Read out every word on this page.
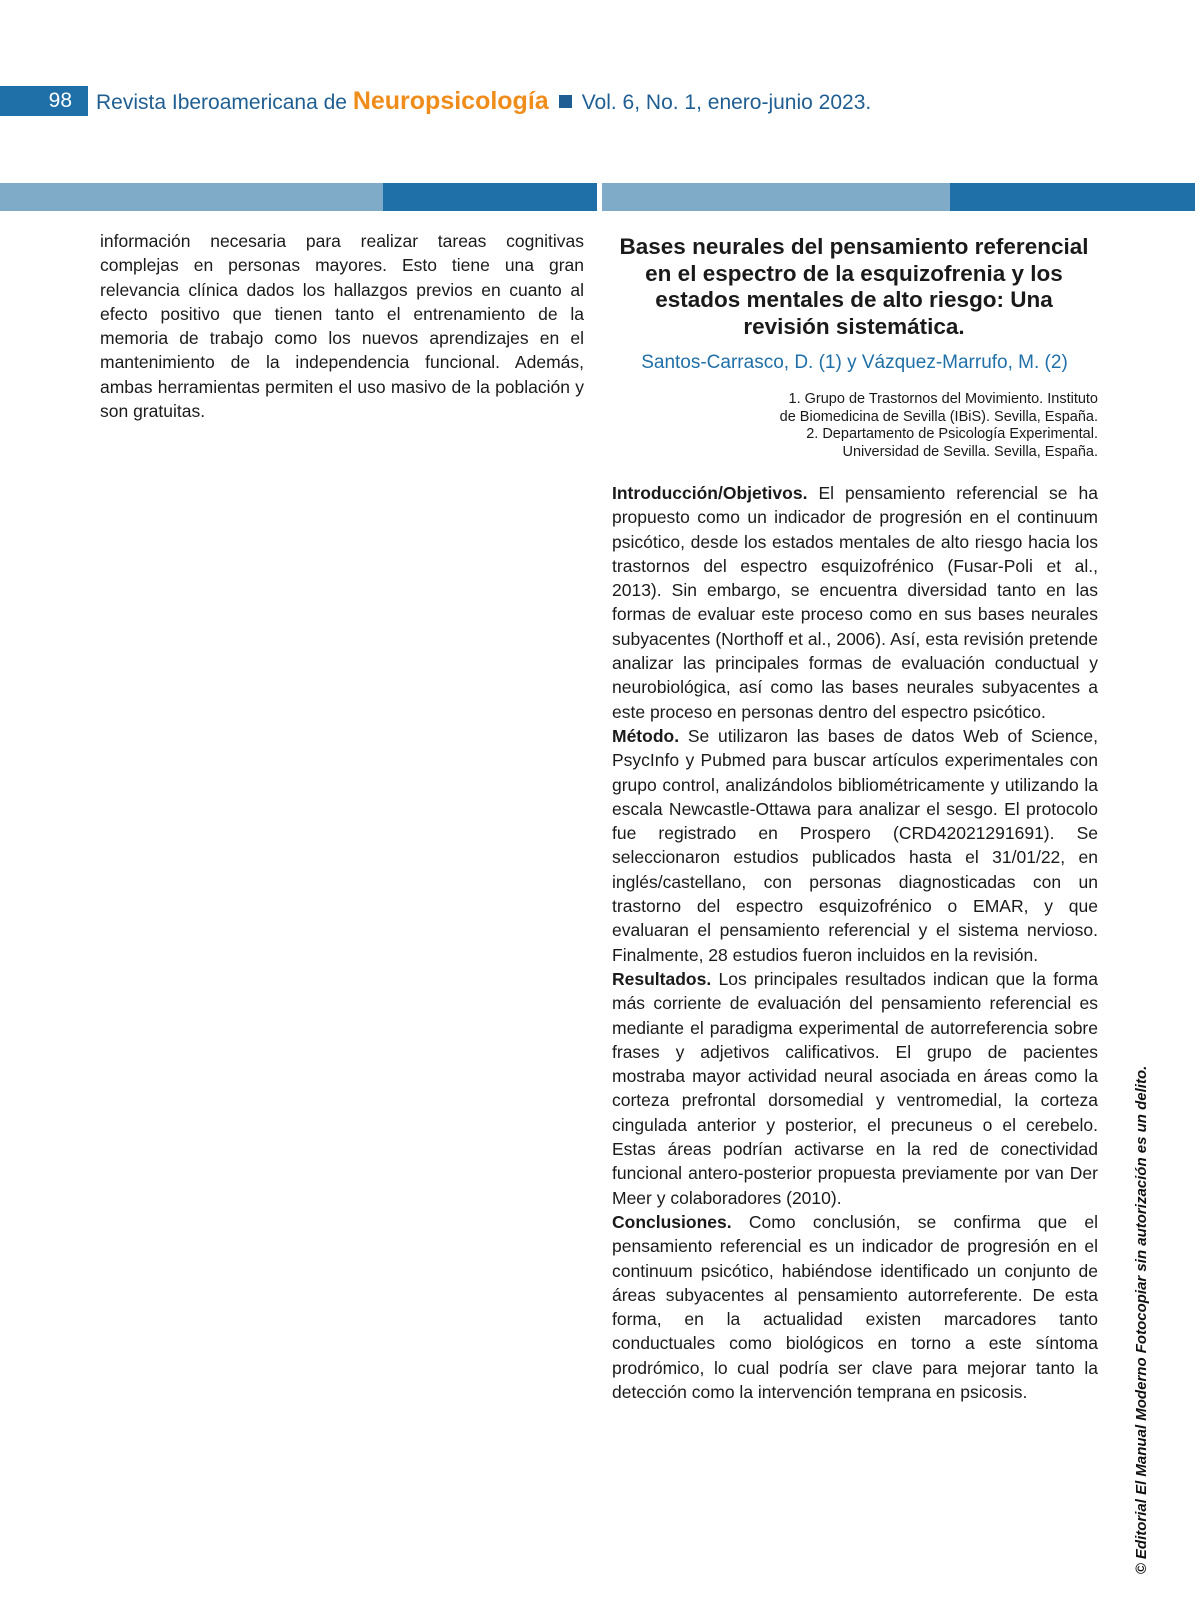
98	Revista Iberoamericana de Neuropsicología Vol. 6, No. 1, enero-junio 2023.

información necesaria para realizar tareas cognitivas complejas en personas mayores. Esto tiene una gran relevancia clínica dados los hallazgos previos en cuanto al efecto positivo que tienen tanto el entrenamiento de la memoria de trabajo como los nuevos aprendizajes en el mantenimiento de la independencia funcional. Además, ambas herramientas permiten el uso masivo de la población y son gratuitas.

Bases neurales del pensamiento referencial en el espectro de la esquizofrenia y los estados mentales de alto riesgo: Una revisión sistemática.
Santos-Carrasco, D. (1) y Vázquez-Marrufo, M. (2)
1. Grupo de Trastornos del Movimiento. Instituto
de Biomedicina de Sevilla (IBiS). Sevilla, España.
2. Departamento de Psicología Experimental.
Universidad de Sevilla. Sevilla, España.

Introducción/Objetivos. El pensamiento referencial se ha propuesto como un indicador de progresión en el continuum psicótico, desde los estados mentales de alto riesgo hacia los trastornos del espectro esquizofrénico (Fusar-Poli et al., 2013). Sin embargo, se encuentra diversidad tanto en las formas de evaluar este proceso como en sus bases neurales subyacentes (Northoff et al., 2006). Así, esta revisión pretende analizar las principales formas de evaluación conductual y neurobiológica, así como las bases neurales subyacentes a este proceso en personas dentro del espectro psicótico.

Método. Se utilizaron las bases de datos Web of Science, PsycInfo y Pubmed para buscar artículos experimentales con grupo control, analizándolos bibliométricamente y utilizando la escala Newcastle-Ottawa para analizar el sesgo. El protocolo fue registrado en Prospero (CRD42021291691). Se seleccionaron estudios publicados hasta el 31/01/22, en inglés/castellano, con personas diagnosticadas con un trastorno del espectro esquizofrénico o EMAR, y que evaluaran el pensamiento referencial y el sistema nervioso. Finalmente, 28 estudios fueron incluidos en la revisión.

Resultados. Los principales resultados indican que la forma más corriente de evaluación del pensamiento referencial es mediante el paradigma experimental de autorreferencia sobre frases y adjetivos calificativos. El grupo de pacientes mostraba mayor actividad neural asociada en áreas como la corteza prefrontal dorsomedial y ventromedial, la corteza cingulada anterior y posterior, el precuneus o el cerebelo. Estas áreas podrían activarse en la red de conectividad funcional antero-posterior propuesta previamente por van Der Meer y colaboradores (2010).

Conclusiones. Como conclusión, se confirma que el pensamiento referencial es un indicador de progresión en el continuum psicótico, habiéndose identificado un conjunto de áreas subyacentes al pensamiento autorreferente. De esta forma, en la actualidad existen marcadores tanto conductuales como biológicos en torno a este síntoma prodrómico, lo cual podría ser clave para mejorar tanto la detección como la intervención temprana en psicosis.	© Editorial El Manual Moderno Fotocopiar sin autorización es un delito.
